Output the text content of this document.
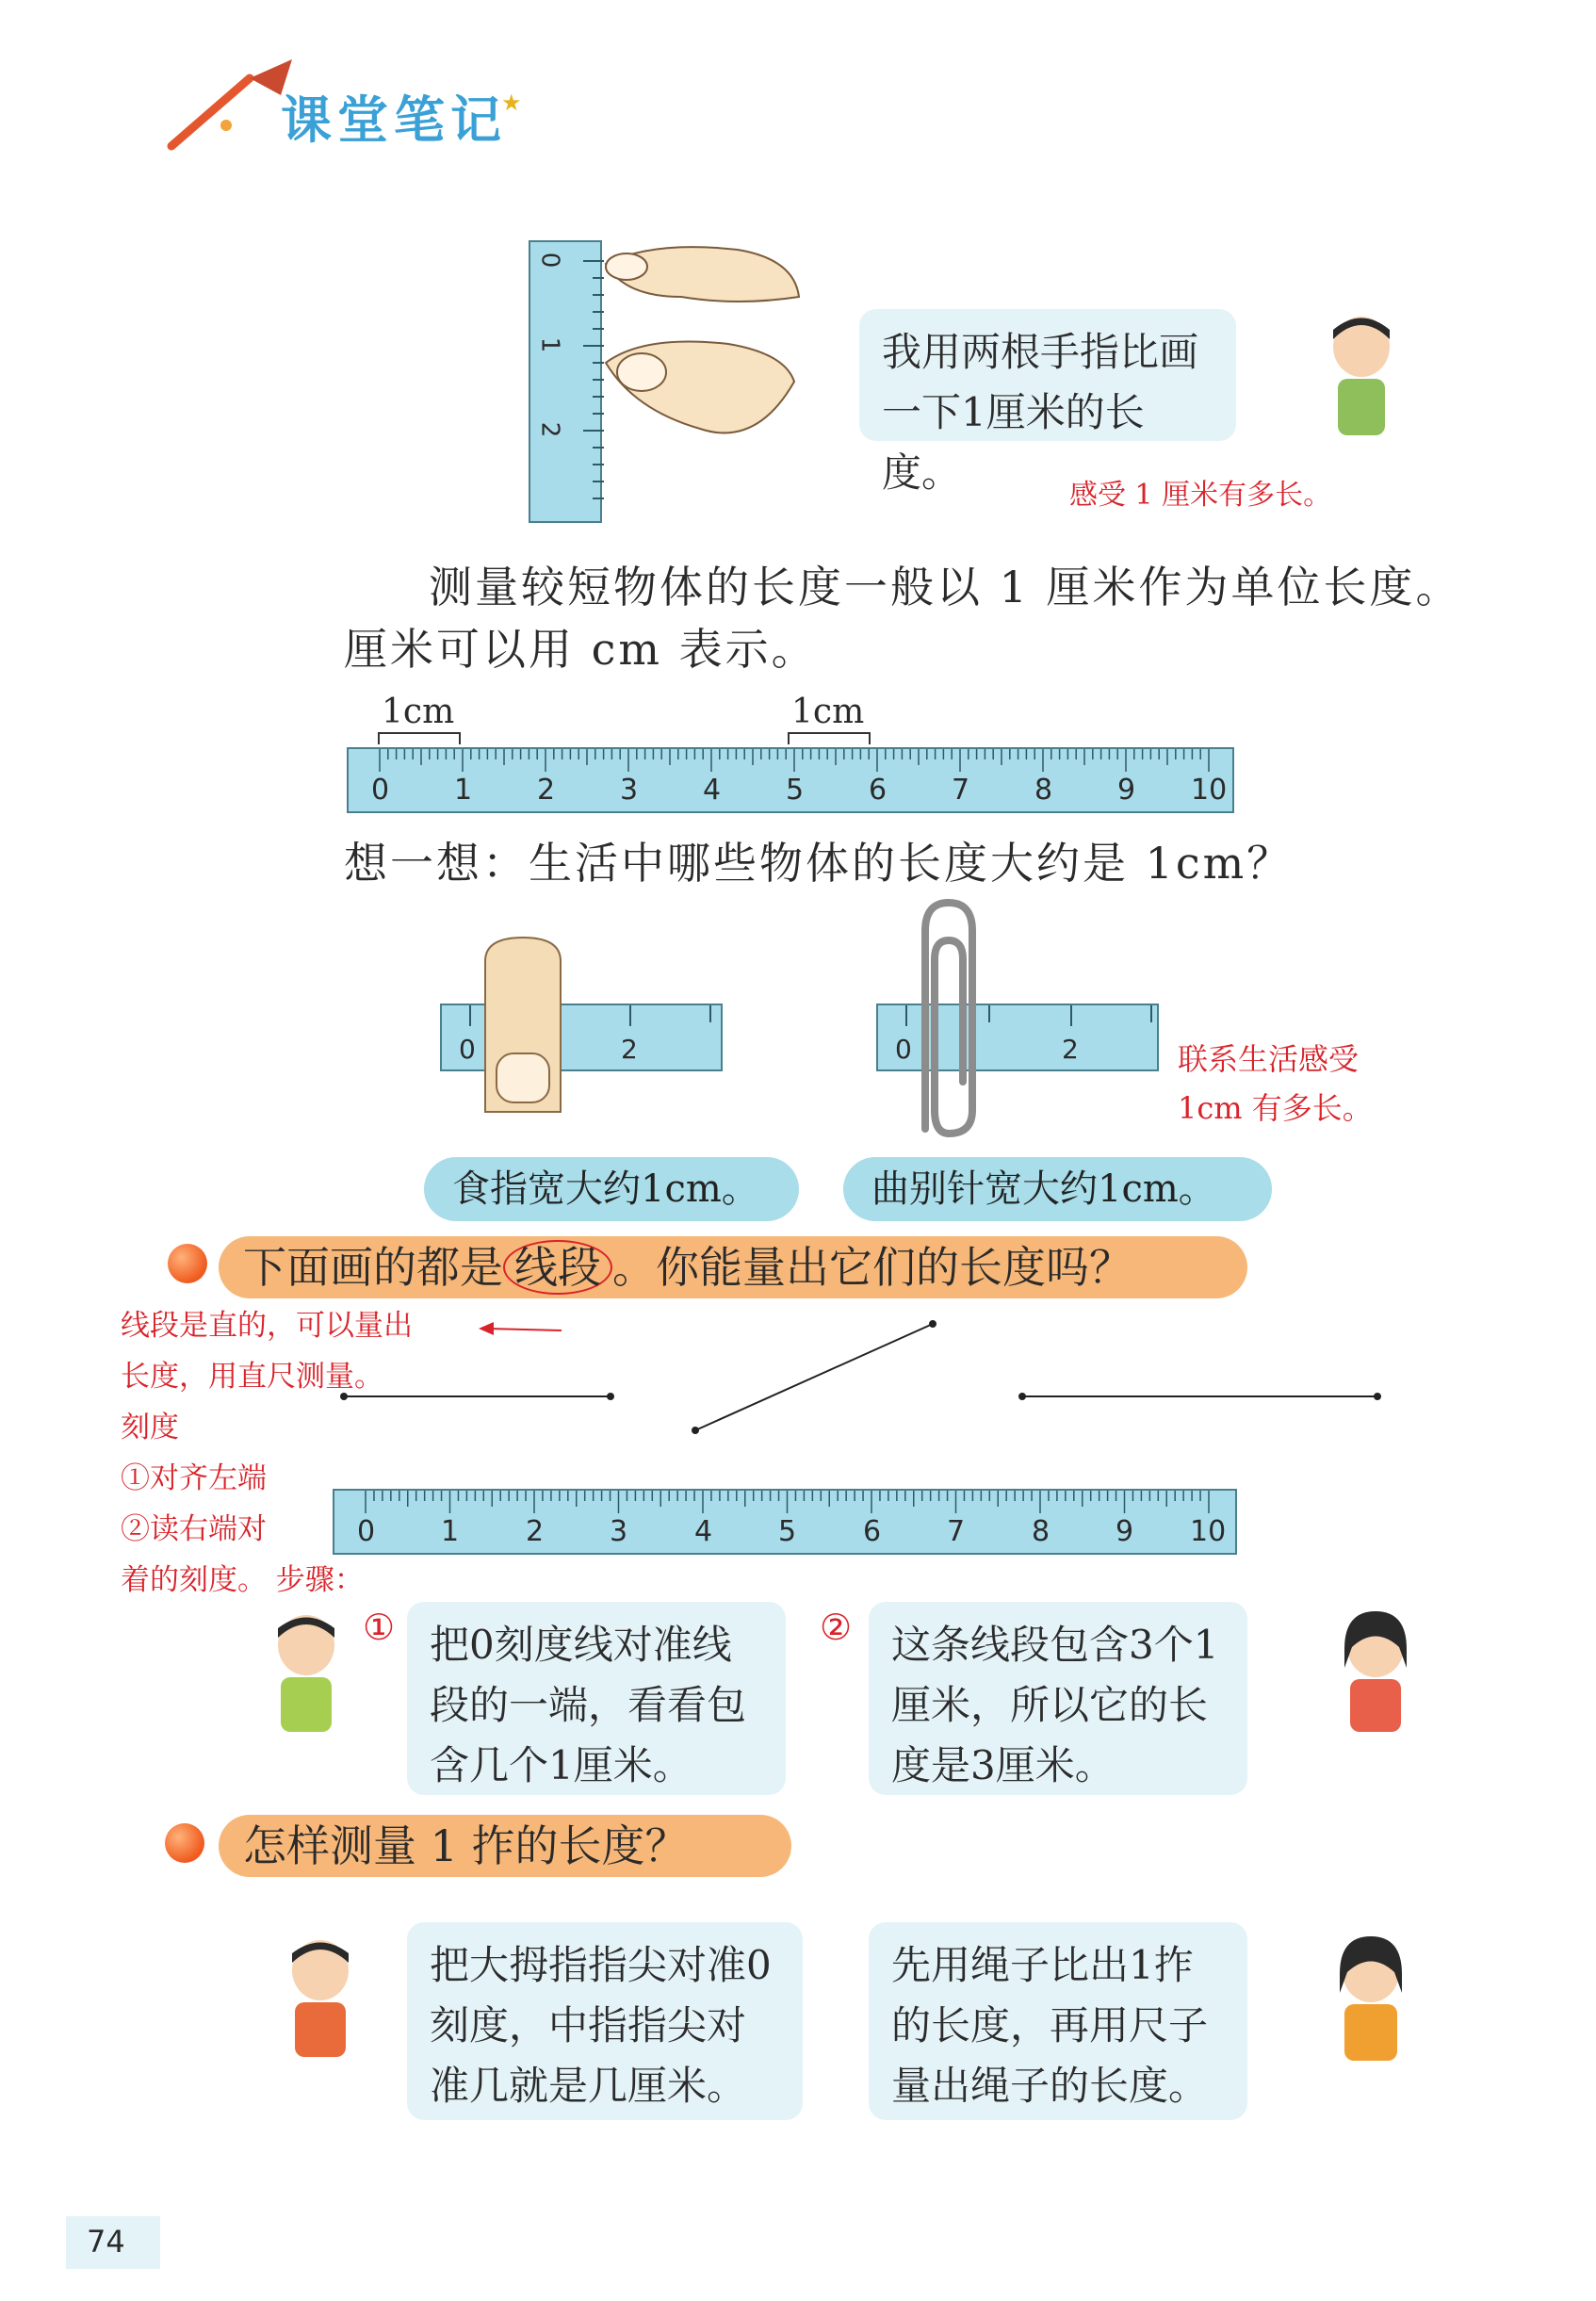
课堂笔记
★
0
1
2
我用两根手指比画一下1厘米的长度。	感受 1 厘米有多长。
测量较短物体的长度一般以 1 厘米作为单位长度。厘米可以用 cm 表示。
1cm	1cm
0 1 2 3 4 5 6 7 8 9 10
想一想：生活中哪些物体的长度大约是 1cm？
0	2	0	2	联系生活感受 1cm 有多长。
食指宽大约1cm。	曲别针宽大约1cm。
下面画的都是 线段 。你能量出它们的长度吗？
线段是直的，可以量出
长度，用直尺测量。
刻度
①对齐左端
②读右端对
着的刻度。 步骤：
0 1 2 3 4 5 6 7 8 9 10
① 把0刻度线对准线段的一端，看看包含几个1厘米。
② 这条线段包含3个1厘米，所以它的长度是3厘米。
怎样测量 1 拃的长度？
把大拇指指尖对准0刻度，中指指尖对准几就是几厘米。
先用绳子比出1拃的长度，再用尺子量出绳子的长度。
74
